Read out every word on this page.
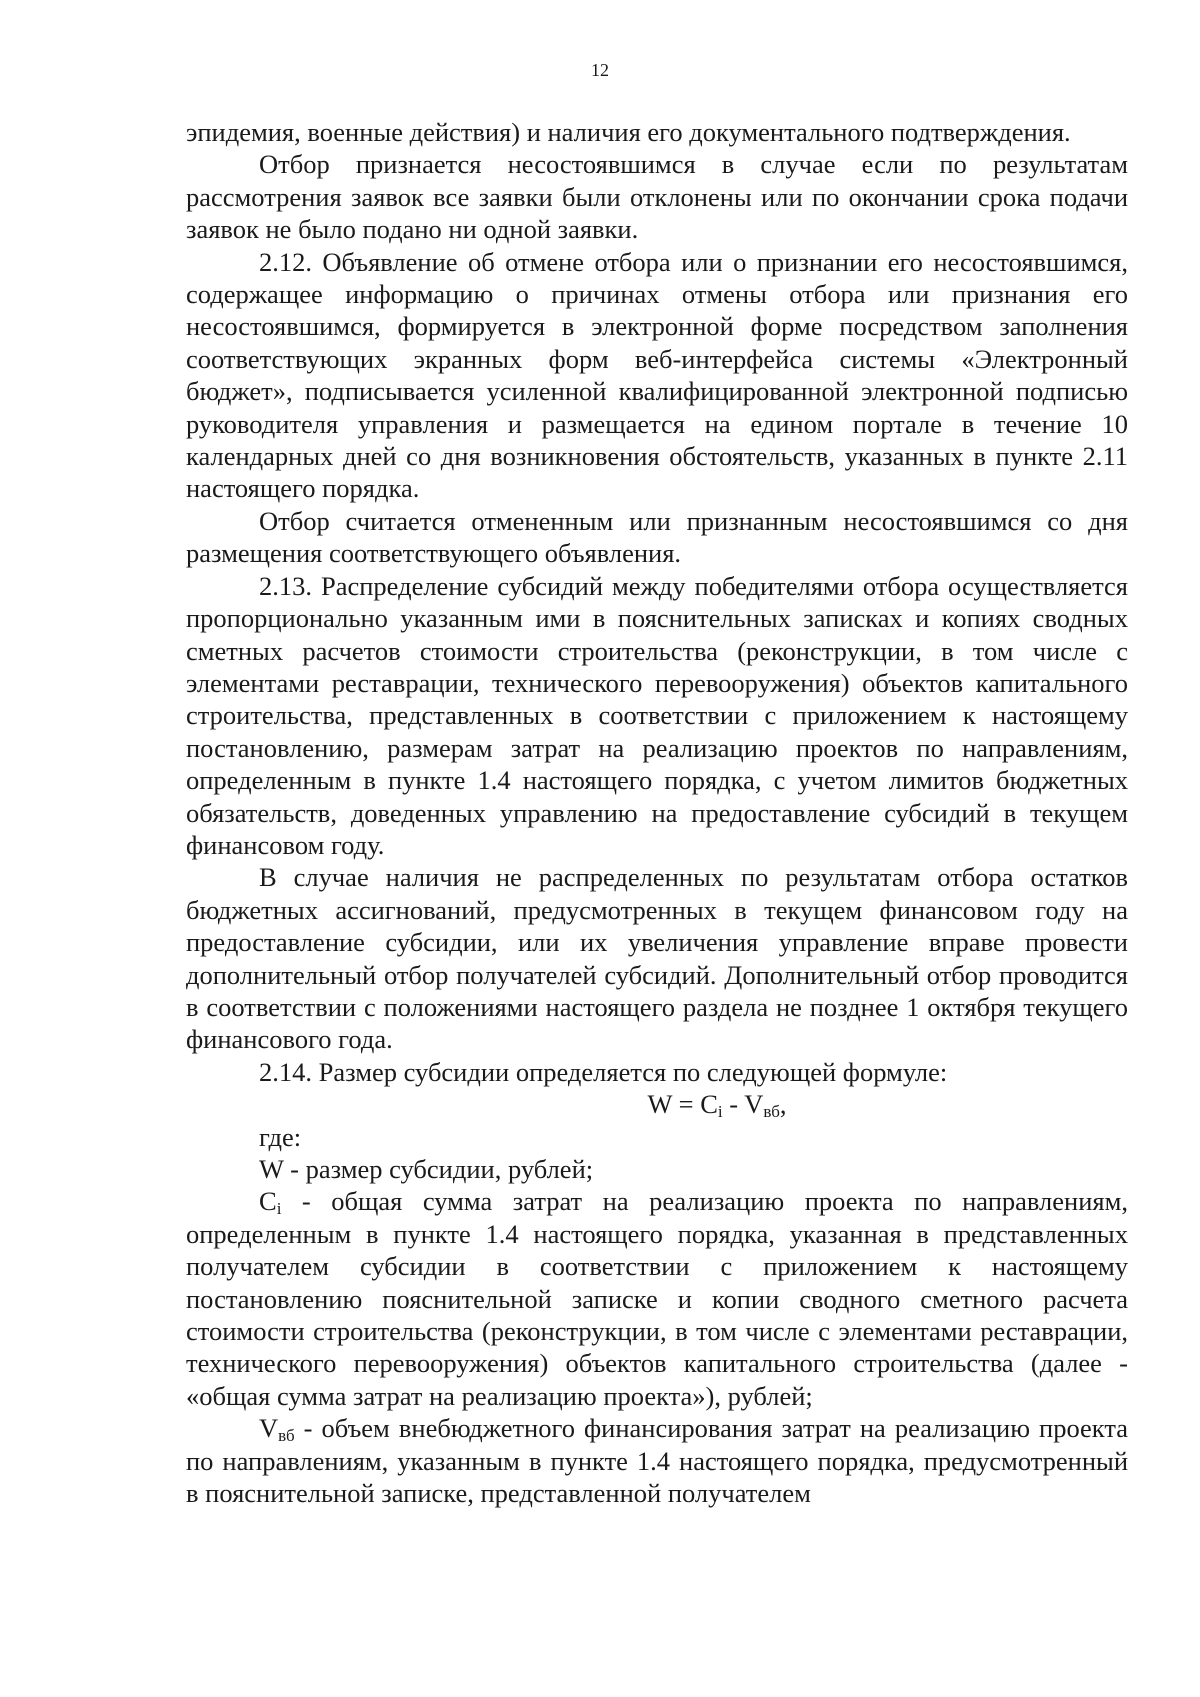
12

эпидемия, военные действия) и наличия его документального подтверждения.

Отбор признается несостоявшимся в случае если по результатам рассмотрения заявок все заявки были отклонены или по окончании срока подачи заявок не было подано ни одной заявки.

2.12. Объявление об отмене отбора или о признании его несостоявшимся, содержащее информацию о причинах отмены отбора или признания его несостоявшимся, формируется в электронной форме посредством заполнения соответствующих экранных форм веб-интерфейса системы «Электронный бюджет», подписывается усиленной квалифицированной электронной подписью руководителя управления и размещается на едином портале в течение 10 календарных дней со дня возникновения обстоятельств, указанных в пункте 2.11 настоящего порядка.

Отбор считается отмененным или признанным несостоявшимся со дня размещения соответствующего объявления.

2.13. Распределение субсидий между победителями отбора осуществляется пропорционально указанным ими в пояснительных записках и копиях сводных сметных расчетов стоимости строительства (реконструкции, в том числе с элементами реставрации, технического перевооружения) объектов капитального строительства, представленных в соответствии с приложением к настоящему постановлению, размерам затрат на реализацию проектов по направлениям, определенным в пункте 1.4 настоящего порядка, с учетом лимитов бюджетных обязательств, доведенных управлению на предоставление субсидий в текущем финансовом году.

В случае наличия не распределенных по результатам отбора остатков бюджетных ассигнований, предусмотренных в текущем финансовом году на предоставление субсидии, или их увеличения управление вправе провести дополнительный отбор получателей субсидий. Дополнительный отбор проводится в соответствии с положениями настоящего раздела не позднее 1 октября текущего финансового года.

2.14. Размер субсидии определяется по следующей формуле:

$W = C_i - V_{вб}$,

где:

W - размер субсидии, рублей;

$C_i$ - общая сумма затрат на реализацию проекта по направлениям, определенным в пункте 1.4 настоящего порядка, указанная в представленных получателем субсидии в соответствии с приложением к настоящему постановлению пояснительной записке и копии сводного сметного расчета стоимости строительства (реконструкции, в том числе с элементами реставрации, технического перевооружения) объектов капитального строительства (далее - «общая сумма затрат на реализацию проекта»), рублей;

$V_{вб}$ - объем внебюджетного финансирования затрат на реализацию проекта по направлениям, указанным в пункте 1.4 настоящего порядка, предусмотренный в пояснительной записке, представленной получателем
